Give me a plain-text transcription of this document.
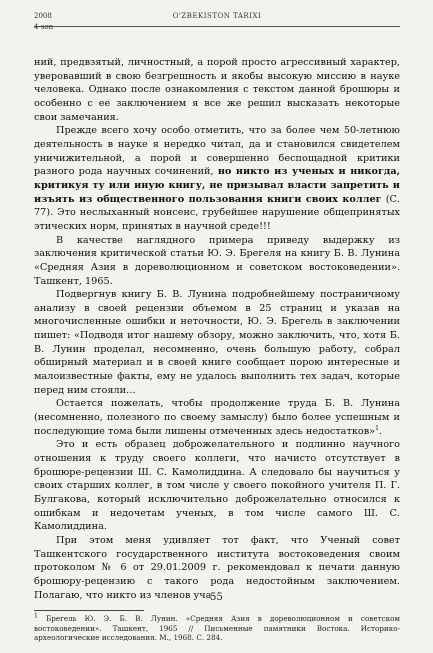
2008
4-son
O'ZBEKISTON TARIXI

ний, предвзятый, личностный, а порой просто агрессивный характер, уверовавший в свою безгрешность и якобы высокую миссию в науке человека. Однако после ознакомления с текстом данной брошюры и особенно с ее заключением я все же решил высказать некоторые свои замечания.

Прежде всего хочу особо отметить, что за более чем 50-летнюю деятельность в науке я нередко читал, да и становился свидетелем уничижительной, а порой и совершенно беспощадной критики разного рода научных сочинений, но никто из ученых и никогда, критикуя ту или иную книгу, не призывал власти запретить и изъять из общественного пользования книги своих коллег (С. 77). Это неслыханный нонсенс, грубейшее нарушение общепринятых этических норм, принятых в научной среде!!!

В качестве наглядного примера приведу выдержку из заключения критической статьи Ю. Э. Брегеля на книгу Б. В. Лунина «Средняя Азия в дореволюционном и советском востоковедении». Ташкент, 1965.

Подвергнув книгу Б. В. Лунина подробнейшему постраничному анализу в своей рецензии объемом в 25 страниц и указав на многочисленные ошибки и неточности, Ю. Э. Брегель в заключении пишет: «Подводя итог нашему обзору, можно заключить, что, хотя Б. В. Лунин проделал, несомненно, очень большую работу, собрал обширный материал и в своей книге сообщает порою интересные и малоизвестные факты, ему не удалось выполнить тех задач, которые перед ним стояли…

Остается пожелать, чтобы продолжение труда Б. В. Лунина (несомненно, полезного по своему замыслу) было более успешным и последующие тома были лишены отмеченных здесь недостатков»$^1$.

Это и есть образец доброжелательного и подлинно научного отношения к труду своего коллеги, что начисто отсутствует в брошюре-рецензии Ш. С. Камолиддина. А следовало бы научиться у своих старших коллег, в том числе у своего покойного учителя П. Г. Булгакова, который исключительно доброжелательно относился к ошибкам и недочетам ученых, в том числе самого Ш. С. Камолиддина.

При этом меня удивляет тот факт, что Ученый совет Ташкентского государственного института востоковедения своим протоколом № 6 от 29.01.2009 г. рекомендовал к печати данную брошюру-рецензию с такого рода недостойным заключением. Полагаю, что никто из членов уча-

$^1$ Брегель Ю. Э. Б. В. Лунин. «Средняя Азия в дореволюционном и советском востоковедении». Ташкент, 1965 // Письменные памятники Востока. Историко-археологические исследования. М., 1968. С. 284.
55
